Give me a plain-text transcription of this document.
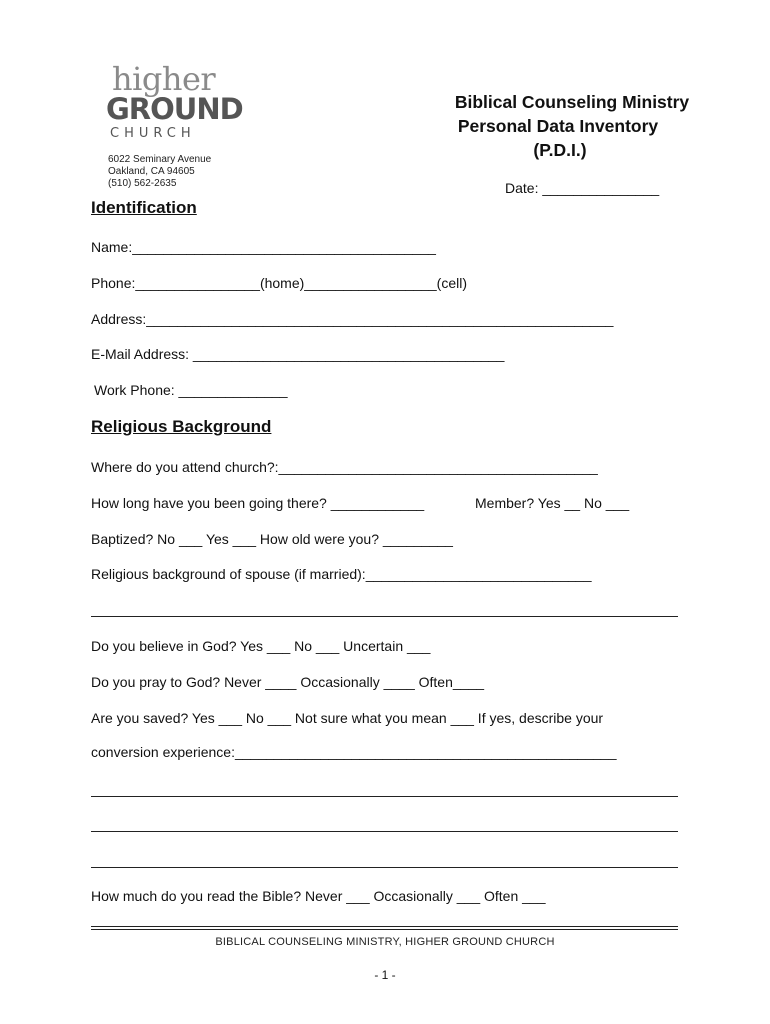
higher
GROUND
CHURCH
6022 Seminary Avenue
Oakland, CA 94605
(510) 562-2635
Biblical Counseling Ministry
Personal Data Inventory
(P.D.I.)
Date: _______________
Identification
Name:_______________________________________
Phone:________________(home)_________________(cell)
Address:____________________________________________________________
E-Mail Address: ________________________________________
Work Phone: ______________
Religious Background
Where do you attend church?:_________________________________________
How long have you been going there? ____________	Member? Yes __ No ___
Baptized? No ___ Yes ___ How old were you? _________
Religious background of spouse (if married):_____________________________
Do you believe in God? Yes ___ No ___ Uncertain ___
Do you pray to God? Never ____ Occasionally ____ Often____
Are you saved? Yes ___ No ___ Not sure what you mean ___ If yes, describe your
conversion experience:_________________________________________________
How much do you read the Bible? Never ___ Occasionally ___ Often ___
BIBLICAL COUNSELING MINISTRY, HIGHER GROUND CHURCH
- 1 -
